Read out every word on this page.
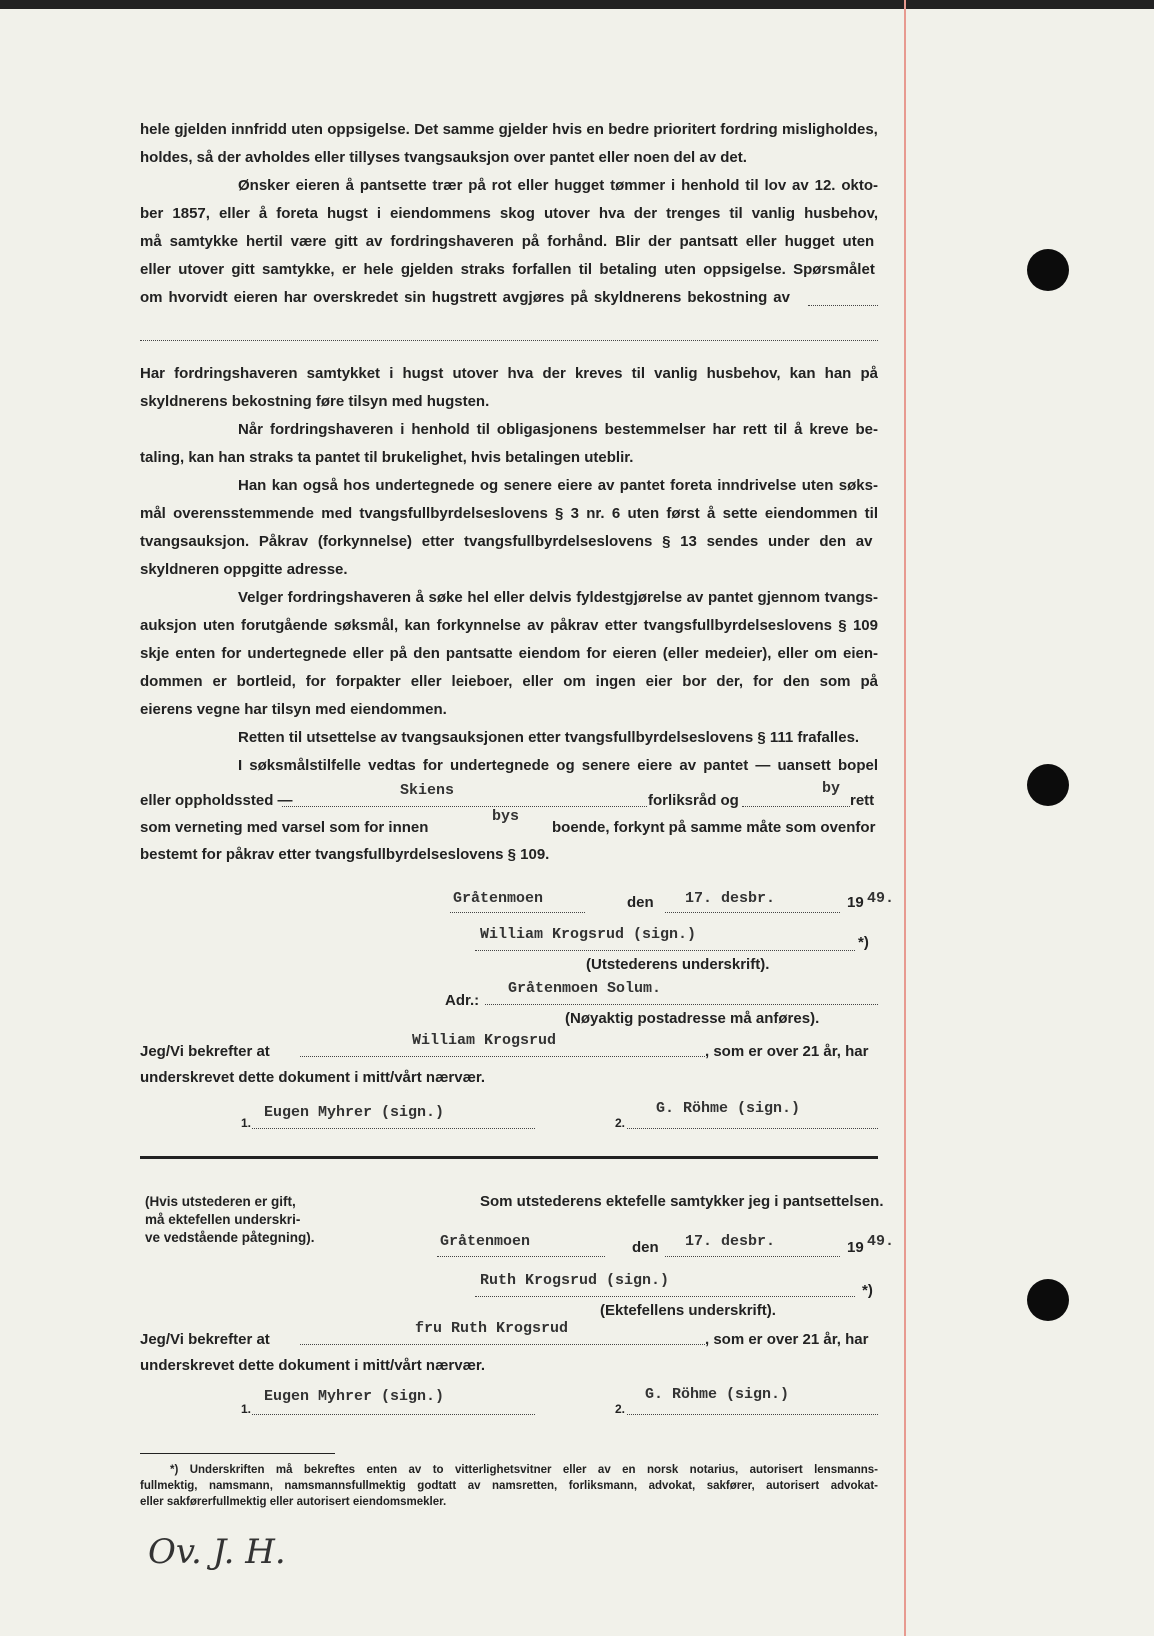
hele gjelden innfridd uten oppsigelse. Det samme gjelder hvis en bedre prioritert fordring misligholdes,
holdes, så der avholdes eller tillyses tvangsauksjon over pantet eller noen del av det.
Ønsker eieren å pantsette trær på rot eller hugget tømmer i henhold til lov av 12. okto-
ber 1857, eller å foreta hugst i eiendommens skog utover hva der trenges til vanlig husbehov,
må samtykke hertil være gitt av fordringshaveren på forhånd. Blir der pantsatt eller hugget uten
eller utover gitt samtykke, er hele gjelden straks forfallen til betaling uten oppsigelse. Spørsmålet
om hvorvidt eieren har overskredet sin hugstrett avgjøres på skyldnerens bekostning av
Har fordringshaveren samtykket i hugst utover hva der kreves til vanlig husbehov, kan han på
skyldnerens bekostning føre tilsyn med hugsten.
Når fordringshaveren i henhold til obligasjonens bestemmelser har rett til å kreve be-
taling, kan han straks ta pantet til brukelighet, hvis betalingen uteblir.
Han kan også hos undertegnede og senere eiere av pantet foreta inndrivelse uten søks-
mål overensstemmende med tvangsfullbyrdelseslovens § 3 nr. 6 uten først å sette eiendommen til
tvangsauksjon. Påkrav (forkynnelse) etter tvangsfullbyrdelseslovens § 13 sendes under den av
skyldneren oppgitte adresse.
Velger fordringshaveren å søke hel eller delvis fyldestgjørelse av pantet gjennom tvangs-
auksjon uten forutgående søksmål, kan forkynnelse av påkrav etter tvangsfullbyrdelseslovens § 109
skje enten for undertegnede eller på den pantsatte eiendom for eieren (eller medeier), eller om eien-
dommen er bortleid, for forpakter eller leieboer, eller om ingen eier bor der, for den som på
eierens vegne har tilsyn med eiendommen.
Retten til utsettelse av tvangsauksjonen etter tvangsfullbyrdelseslovens § 111 frafalles.
I søksmålstilfelle vedtas for undertegnede og senere eiere av pantet — uansett bopel
eller oppholdssted —
Skiens
forliksråd og
by
rett
som verneting med varsel som for innen
bys
boende, forkynt på samme måte som ovenfor
bestemt for påkrav etter tvangsfullbyrdelseslovens § 109.
Gråtenmoen	den 17. desbr.	19 49.
William Krogsrud (sign.)	*)
(Utstederens underskrift).
Adr.:
Gråtenmoen Solum.
(Nøyaktig postadresse må anføres).
Jeg/Vi bekrefter at
William Krogsrud
, som er over 21 år, har
underskrevet dette dokument i mitt/vårt nærvær.
1.
Eugen Myhrer (sign.)
2.
G. Röhme (sign.)
(Hvis utstederen er gift,
må ektefellen underskri-
ve vedstående påtegning).
Som utstederens ektefelle samtykker jeg i pantsettelsen.
Gråtenmoen	den 17. desbr.	19 49.
Ruth Krogsrud (sign.)
*)
(Ektefellens underskrift).
Jeg/Vi bekrefter at
fru Ruth Krogsrud
, som er over 21 år, har
underskrevet dette dokument i mitt/vårt nærvær.
1.
Eugen Myhrer (sign.)
2.
G. Röhme (sign.)
*) Underskriften må bekreftes enten av to vitterlighetsvitner eller av en norsk notarius, autorisert lensmanns-
fullmektig, namsmann, namsmannsfullmektig godtatt av namsretten, forliksmann, advokat, sakfører, autorisert advokat-
eller sakførerfullmektig eller autorisert eiendomsmekler.
Ov. J. H.
